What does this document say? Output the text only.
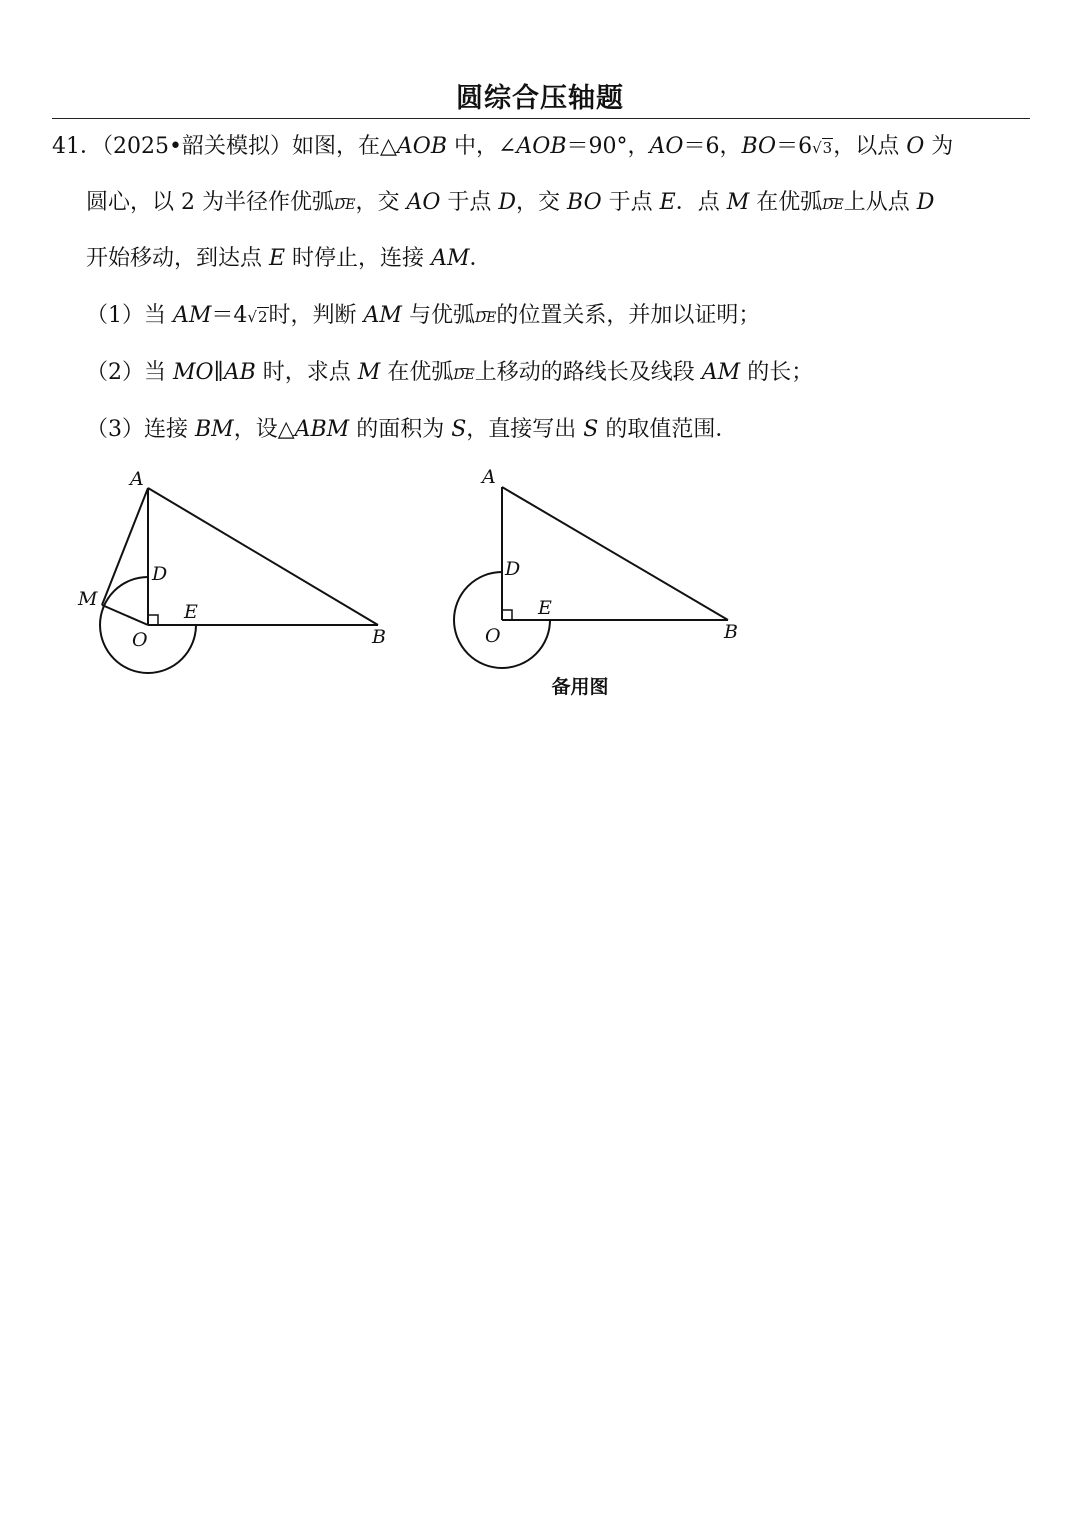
圆综合压轴题
41．（2025•韶关模拟）如图，在△AOB 中，∠AOB＝90°，AO＝6，BO＝6√3，以点 O 为
圆心，以 2 为半径作优弧DE，交 AO 于点 D，交 BO 于点 E．点 M 在优弧DE上从点 D
开始移动，到达点 E 时停止，连接 AM．
（1）当 AM＝4√2时，判断 AM 与优弧DE的位置关系，并加以证明；
（2）当 MO∥AB 时，求点 M 在优弧DE上移动的路线长及线段 AM 的长；
（3）连接 BM，设△ABM 的面积为 S，直接写出 S 的取值范围．
A
D
M
E
O	B
A
D
E
O	B
备用图
